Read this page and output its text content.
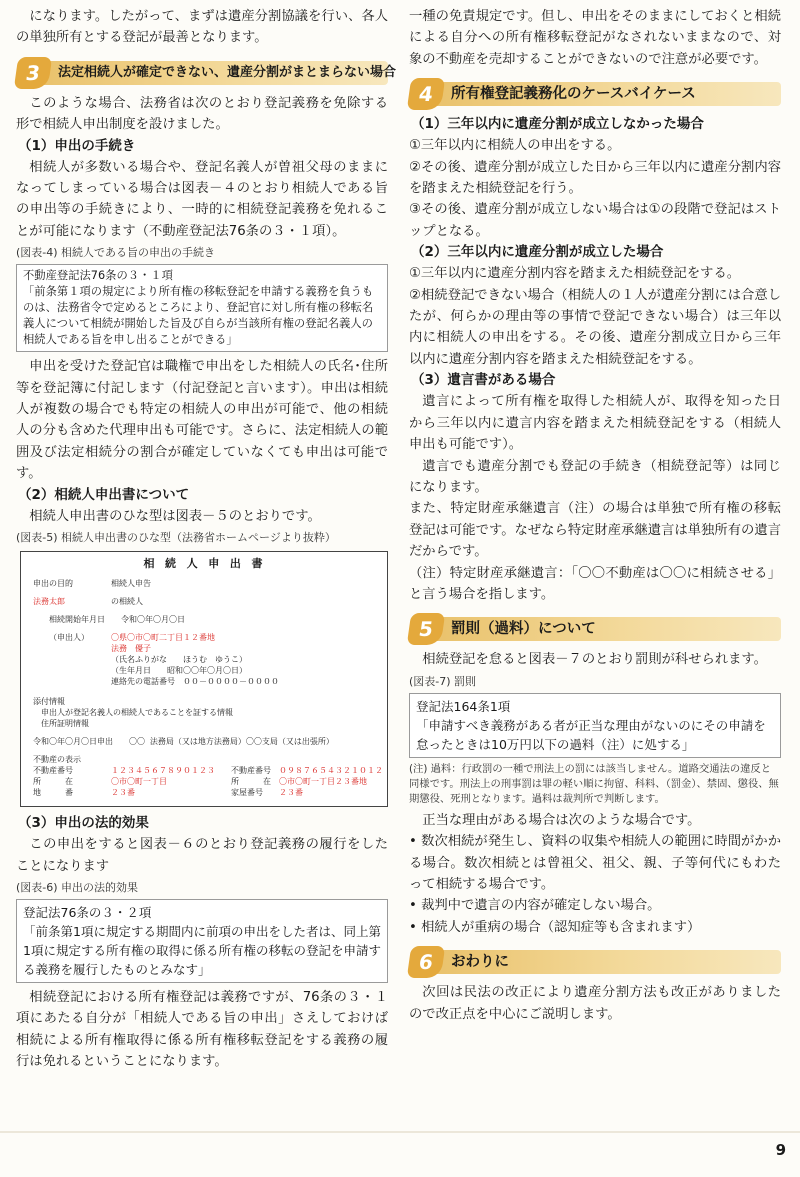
になります。したがって、まずは遺産分割協議を行い、各人の単独所有とする登記が最善となります。

3	法定相続人が確定できない、遺産分割がまとまらない場合

このような場合、法務省は次のとおり登記義務を免除する形で相続人申出制度を設けました。

（1）申出の手続き

相続人が多数いる場合や、登記名義人が曽祖父母のままになってしまっている場合は図表－４のとおり相続人である旨の申出等の手続きにより、一時的に相続登記義務を免れることが可能になります（不動産登記法76条の３・１項）。

(図表-4) 相続人である旨の申出の手続き

不動産登記法76条の３・１項
「前条第１項の規定により所有権の移転登記を申請する義務を負うものは、法務省令で定めるところにより、登記官に対し所有権の移転名義人について相続が開始した旨及び自らが当該所有権の登記名義人の相続人である旨を申し出ることができる」

申出を受けた登記官は職権で申出をした相続人の氏名･住所等を登記簿に付記します（付記登記と言います）。申出は相続人が複数の場合でも特定の相続人の申出が可能で、他の相続人の分も含めた代理申出も可能です。さらに、法定相続人の範囲及び法定相続分の割合が確定していなくても申出は可能です。

（2）相続人申出書について

相続人申出書のひな型は図表－５のとおりです。

(図表-5) 相続人申出書のひな型（法務省ホームページより抜粋）

相 続 人 申 出 書
申出の目的	相続人申告
法務太郎	の相続人
相続開始年月日　　令和〇年〇月〇日
（申出人）	〇県〇市〇町二丁目１２番地
法務　優子
（氏名ふりがな　　ほうむ　ゆうこ）
（生年月日　　昭和〇〇年〇月〇日）
連絡先の電話番号　００－００００－００００
添付情報
申出人が登記名義人の相続人であることを証する情報
住所証明情報
令和〇年〇月〇日申出　　〇〇 法務局（又は地方法務局）〇〇支局（又は出張所）
不動産の表示
不動産番号	１２３４５６７８９０１２３
所　　　在	〇市〇町一丁目
地　　　番	２３番
不動産番号 ０９８７６５４３２１０１２
所　　　在 〇市〇町一丁目２３番地
家屋番号 ２３番

（3）申出の法的効果

この申出をすると図表－６のとおり登記義務の履行をしたことになります

(図表-6) 申出の法的効果

登記法76条の３・２項
「前条第1項に規定する期間内に前項の申出をした者は、同上第1項に規定する所有権の取得に係る所有権の移転の登記を申請する義務を履行したものとみなす」

相続登記における所有権登記は義務ですが、76条の３・１項にあたる自分が「相続人である旨の申出」さえしておけば相続による所有権取得に係る所有権移転登記をする義務の履行は免れるということになります。

一種の免責規定です。但し、申出をそのままにしておくと相続による自分への所有権移転登記がなされないままなので、対象の不動産を売却することができないので注意が必要です。

4	所有権登記義務化のケースバイケース

（1）三年以内に遺産分割が成立しなかった場合

①三年以内に相続人の申出をする。

②その後、遺産分割が成立した日から三年以内に遺産分割内容を踏まえた相続登記を行う。

③その後、遺産分割が成立しない場合は①の段階で登記はストップとなる。

（2）三年以内に遺産分割が成立した場合

①三年以内に遺産分割内容を踏まえた相続登記をする。

②相続登記できない場合（相続人の１人が遺産分割には合意したが、何らかの理由等の事情で登記できない場合）は三年以内に相続人の申出をする。その後、遺産分割成立日から三年以内に遺産分割内容を踏まえた相続登記をする。

（3）遺言書がある場合

遺言によって所有権を取得した相続人が、取得を知った日から三年以内に遺言内容を踏まえた相続登記をする（相続人申出も可能です）。

遺言でも遺産分割でも登記の手続き（相続登記等）は同じになります。

また、特定財産承継遺言（注）の場合は単独で所有権の移転登記は可能です。なぜなら特定財産承継遺言は単独所有の遺言だからです。

（注）特定財産承継遺言：「〇〇不動産は〇〇に相続させる」と言う場合を指します。

5	罰則（過料）について

相続登記を怠ると図表－７のとおり罰則が科せられます。

(図表-7) 罰則

登記法164条1項
「申請すべき義務がある者が正当な理由がないのにその申請を怠ったときは10万円以下の過料（注）に処する」

(注) 過料：行政罰の一種で刑法上の罰には該当しません。道路交通法の違反と同様です。刑法上の刑事罰は罪の軽い順に拘留、科料、（罰金）、禁固、懲役、無期懲役、死刑となります。過料は裁判所で判断します。

正当な理由がある場合は次のような場合です。

• 数次相続が発生し、資料の収集や相続人の範囲に時間がかかる場合。数次相続とは曾祖父、祖父、親、子等何代にもわたって相続する場合です。

• 裁判中で遺言の内容が確定しない場合。

• 相続人が重病の場合（認知症等も含まれます）

6	おわりに

次回は民法の改正により遺産分割方法も改正がありましたので改正点を中心にご説明します。

9
